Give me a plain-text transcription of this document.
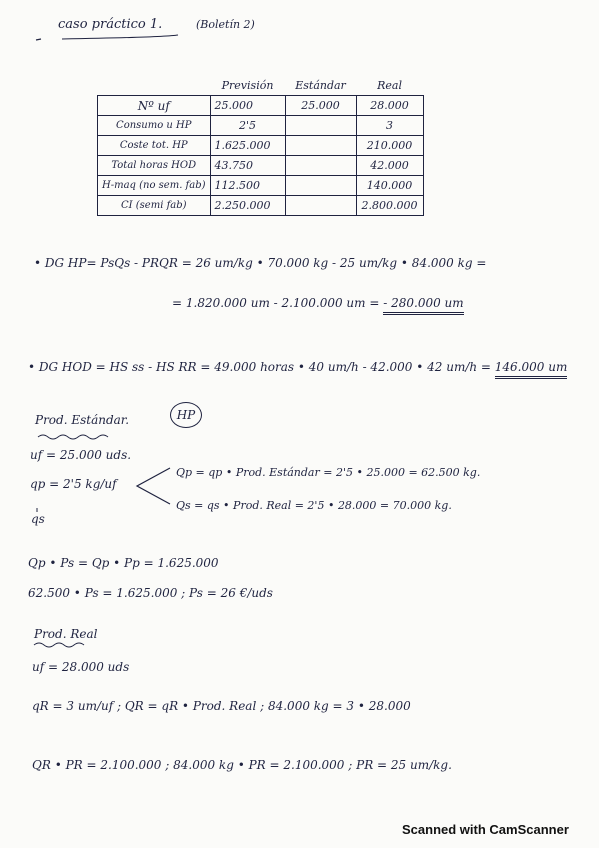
caso práctico 1.	(Boletín 2)
	Previsión	Estándar	Real
Nº uf	25.000	25.000	28.000
Consumo u HP	2'5		3
Coste tot. HP	1.625.000		210.000
Total horas HOD	43.750		42.000
H-maq (no sem. fab)	112.500		140.000
CI (semi fab)	2.250.000		2.800.000
• DG HP= PsQs - PRQR = 26 um/kg • 70.000 kg - 25 um/kg • 84.000 kg =
= 1.820.000 um - 2.100.000 um = - 280.000 um
• DG HOD = HS ss - HS RR = 49.000 horas • 40 um/h - 42.000 • 42 um/h = 146.000 um
HP
Prod. Estándar.
uf = 25.000 uds.
qp = 2'5 kg/uf
qs
Qp = qp • Prod. Estándar = 2'5 • 25.000 = 62.500 kg.
Qs = qs • Prod. Real = 2'5 • 28.000 = 70.000 kg.
Qp • Ps = Qp • Pp = 1.625.000
62.500 • Ps = 1.625.000 ; Ps = 26 €/uds
Prod. Real
uf = 28.000 uds
qR = 3 um/uf ; QR = qR • Prod. Real ; 84.000 kg = 3 • 28.000
QR • PR = 2.100.000 ; 84.000 kg • PR = 2.100.000 ; PR = 25 um/kg.
Scanned with CamScanner
